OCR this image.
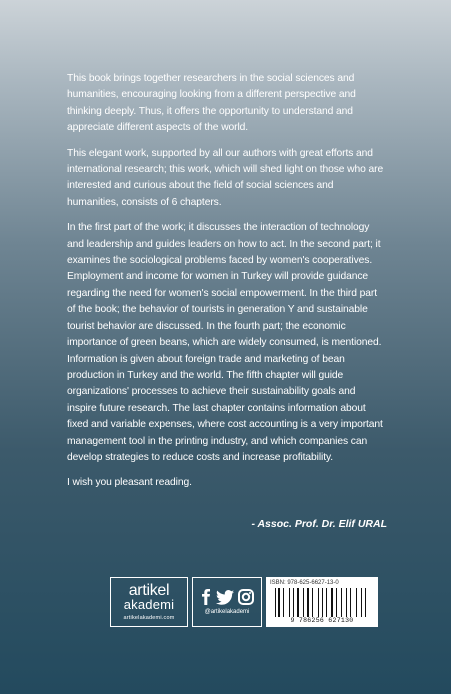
This book brings together researchers in the social sciences and humanities, encouraging looking from a different perspective and thinking deeply. Thus, it offers the opportunity to understand and appreciate different aspects of the world.

This elegant work, supported by all our authors with great efforts and international research; this work, which will shed light on those who are interested and curious about the field of social sciences and humanities, consists of 6 chapters.

In the first part of the work; it discusses the interaction of technology and leadership and guides leaders on how to act. In the second part; it examines the sociological problems faced by women's cooperatives. Employment and income for women in Turkey will provide guidance regarding the need for women's social empowerment. In the third part of the book; the behavior of tourists in generation Y and sustainable tourist behavior are discussed. In the fourth part; the economic importance of green beans, which are widely consumed, is mentioned. Information is given about foreign trade and marketing of bean production in Turkey and the world. The fifth chapter will guide organizations' processes to achieve their sustainability goals and inspire future research. The last chapter contains information about fixed and variable expenses, where cost accounting is a very important management tool in the printing industry, and which companies can develop strategies to reduce costs and increase profitability.

I wish you pleasant reading.

- Assoc. Prof. Dr. Elif URAL
artikel
akademi
artikelakademi.com
@artikelakademi
ISBN: 978-625-6627-13-0
9 786256 627130
